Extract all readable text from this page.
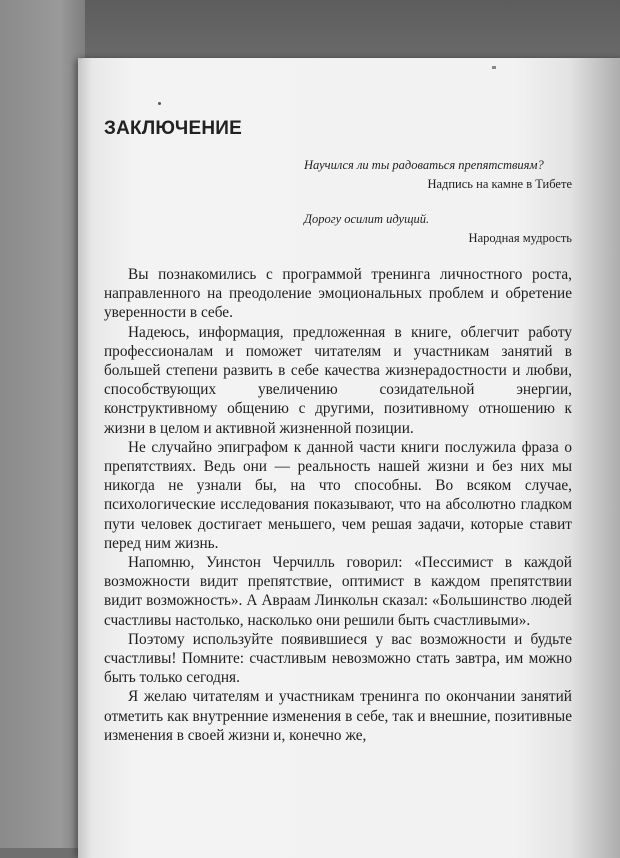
ЗАКЛЮЧЕНИЕ
Научился ли ты радоваться препятствиям?
Надпись на камне в Тибете
Дорогу осилит идущий.
Народная мудрость

Вы познакомились с программой тренинга личностного роста, направленного на преодоление эмоциональных проблем и обретение уверенности в себе.

Надеюсь, информация, предложенная в книге, облегчит работу профессионалам и поможет читателям и участникам занятий в большей степени развить в себе качества жизнерадостности и любви, способствующих увеличению созидательной энергии, конструктивному общению с другими, позитивному отношению к жизни в целом и активной жизненной позиции.

Не случайно эпиграфом к данной части книги послужила фраза о препятствиях. Ведь они — реальность нашей жизни и без них мы никогда не узнали бы, на что способны. Во всяком случае, психологические исследования показывают, что на абсолютно гладком пути человек достигает меньшего, чем решая задачи, которые ставит перед ним жизнь.

Напомню, Уинстон Черчилль говорил: «Пессимист в каждой возможности видит препятствие, оптимист в каждом препятствии видит возможность». А Авраам Линкольн сказал: «Большинство людей счастливы настолько, насколько они решили быть счастливыми».

Поэтому используйте появившиеся у вас возможности и будьте счастливы! Помните: счастливым невозможно стать завтра, им можно быть только сегодня.

Я желаю читателям и участникам тренинга по окончании занятий отметить как внутренние изменения в себе, так и внешние, позитивные изменения в своей жизни и, конечно же,
